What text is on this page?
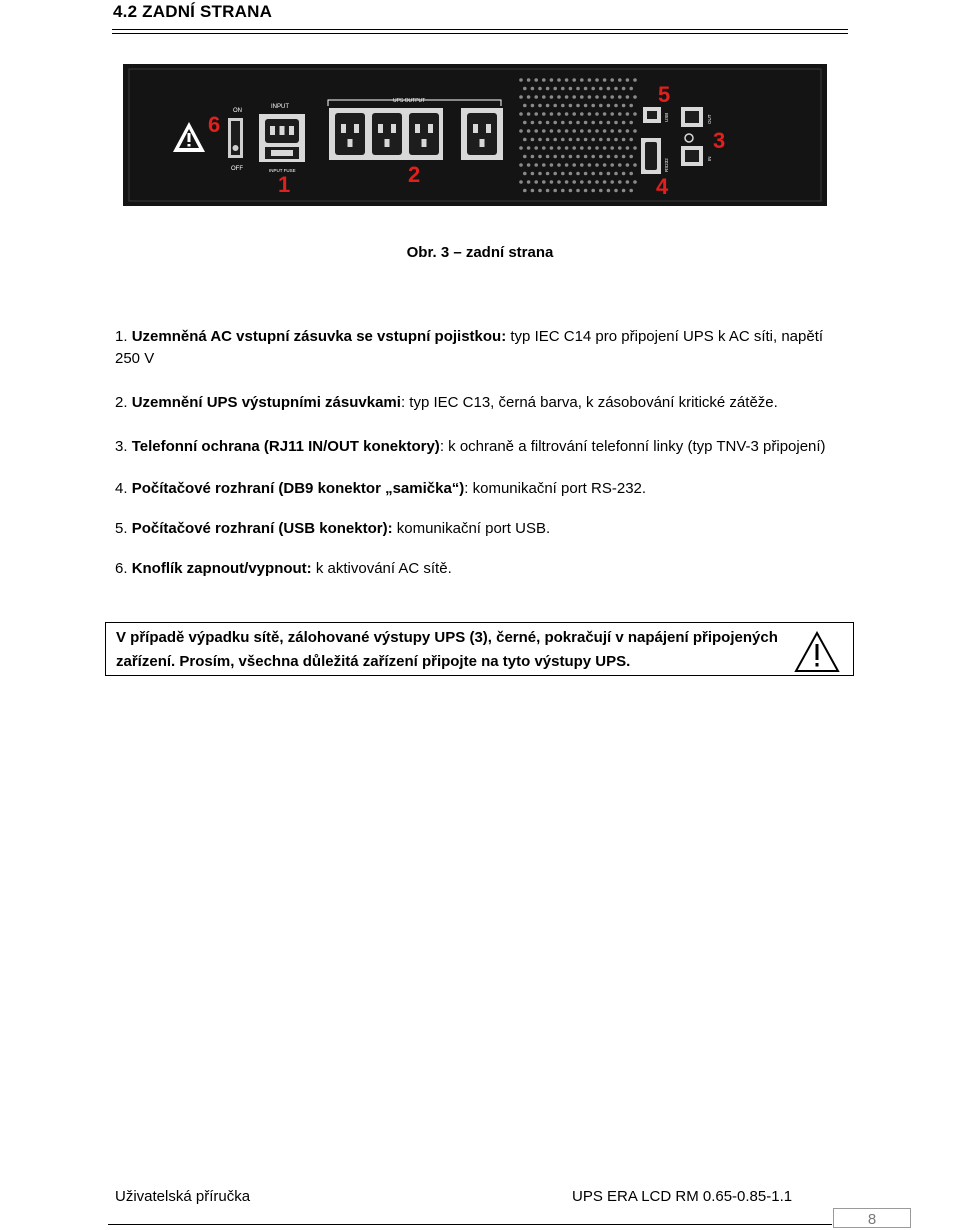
4.2 ZADNÍ STRANA
6
ON
OFF
INPUT
INPUT FUSE
1
UPS OUTPUT
2
5
USB
RS232
4
OUT
IN
3
Obr. 3 – zadní strana

1. Uzemněná AC vstupní zásuvka se vstupní pojistkou: typ IEC C14 pro připojení UPS k AC síti, napětí 250 V

2. Uzemnění UPS výstupními zásuvkami: typ IEC C13, černá barva, k zásobování kritické zátěže.

3. Telefonní ochrana (RJ11 IN/OUT konektory): k ochraně a filtrování telefonní linky (typ TNV-3 připojení)

4. Počítačové rozhraní (DB9 konektor „samička“): komunikační port RS-232.

5. Počítačové rozhraní (USB konektor): komunikační port USB.

6. Knoflík zapnout/vypnout: k aktivování AC sítě.

V případě výpadku sítě, zálohované výstupy UPS (3), černé, pokračují v napájení připojených zařízení. Prosím, všechna důležitá zařízení připojte na tyto výstupy UPS.
Uživatelská příručka	UPS ERA LCD RM 0.65-0.85-1.1
8
